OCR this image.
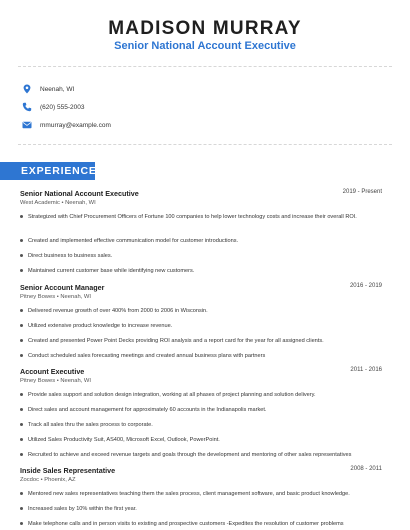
MADISON MURRAY
Senior National Account Executive
Neenah, WI
(620) 555-2003
mmurray@example.com
EXPERIENCE
Senior National Account Executive	2019 - Present
West Academic • Neenah, WI
Strategized with Chief Procurement Officers of Fortune 100 companies to help lower technology costs and increase their overall ROI.
Created and implemented effective communication model for customer introductions.
Direct business to business sales.
Maintained current customer base while identifying new customers.
Senior Account Manager	2016 - 2019
Pitney Bowes • Neenah, WI
Delivered revenue growth of over 400% from 2000 to 2006 in Wisconsin.
Utilized extensive product knowledge to increase revenue.
Created and presented Power Point Decks providing ROI analysis and a report card for the year for all assigned clients.
Conduct scheduled sales forecasting meetings and created annual business plans with partners
Account Executive	2011 - 2016
Pitney Bowes • Neenah, WI
Provide sales support and solution design integration, working at all phases of project planning and solution delivery.
Direct sales and account management for approximately 60 accounts in the Indianapolis market.
Track all sales thru the sales process to corporate.
Utilized Sales Productivity Suit, AS400, Microsoft Excel, Outlook, PowerPoint.
Recruited to achieve and exceed revenue targets and goals through the development and mentoring of other sales representatives
Inside Sales Representative	2008 - 2011
Zocdoc • Phoenix, AZ
Mentored new sales representatives teaching them the sales process, client management software, and basic product knowledge.
Increased sales by 10% within the first year.
Make telephone calls and in person visits to existing and prospective customers -Expedites the resolution of customer problems
